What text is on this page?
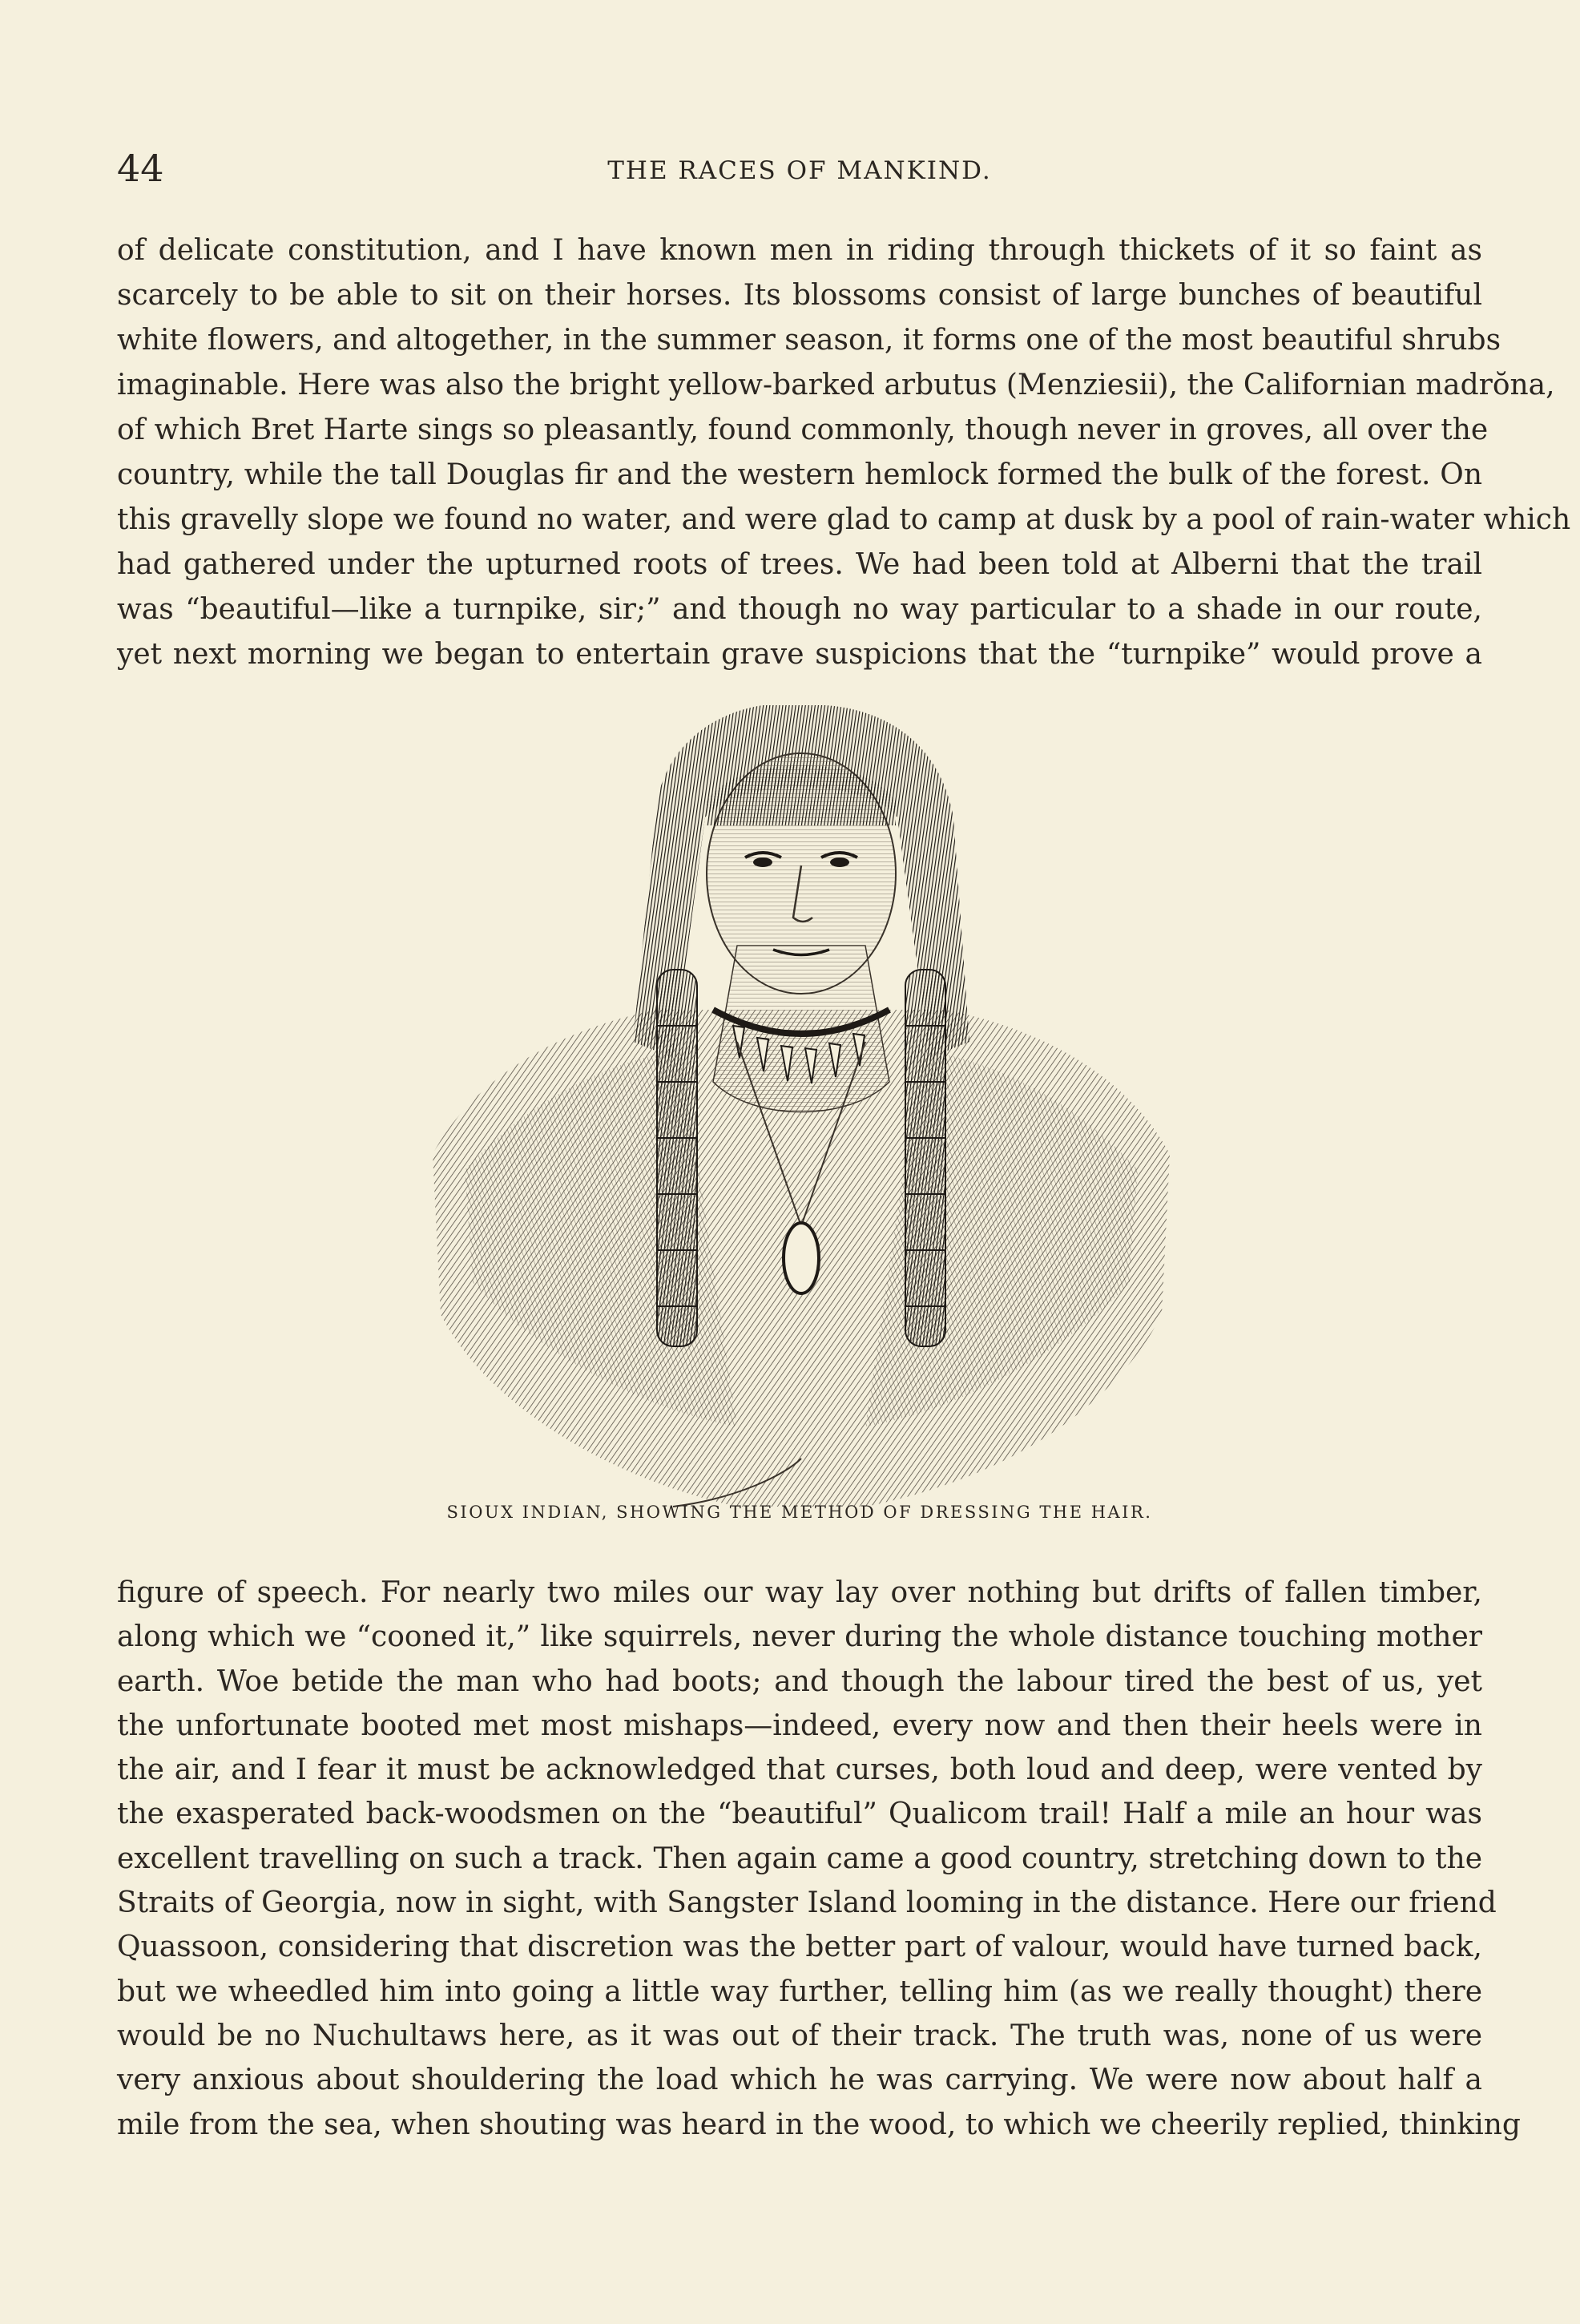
44	THE RACES OF MANKIND.
of delicate constitution, and I have known men in riding through thickets of it so faint as
scarcely to be able to sit on their horses. Its blossoms consist of large bunches of beautiful
white flowers, and altogether, in the summer season, it forms one of the most beautiful shrubs
imaginable. Here was also the bright yellow-barked arbutus (Menziesii), the Californian madrŏna,
of which Bret Harte sings so pleasantly, found commonly, though never in groves, all over the
country, while the tall Douglas fir and the western hemlock formed the bulk of the forest. On
this gravelly slope we found no water, and were glad to camp at dusk by a pool of rain-water which
had gathered under the upturned roots of trees. We had been told at Alberni that the trail
was “beautiful—like a turnpike, sir;” and though no way particular to a shade in our route,
yet next morning we began to entertain grave suspicions that the “turnpike” would prove a
SIOUX INDIAN, SHOWING THE METHOD OF DRESSING THE HAIR.
figure of speech. For nearly two miles our way lay over nothing but drifts of fallen timber,
along which we “cooned it,” like squirrels, never during the whole distance touching mother
earth. Woe betide the man who had boots; and though the labour tired the best of us, yet
the unfortunate booted met most mishaps—indeed, every now and then their heels were in
the air, and I fear it must be acknowledged that curses, both loud and deep, were vented by
the exasperated back-woodsmen on the “beautiful” Qualicom trail! Half a mile an hour was
excellent travelling on such a track. Then again came a good country, stretching down to the
Straits of Georgia, now in sight, with Sangster Island looming in the distance. Here our friend
Quassoon, considering that discretion was the better part of valour, would have turned back,
but we wheedled him into going a little way further, telling him (as we really thought) there
would be no Nuchultaws here, as it was out of their track. The truth was, none of us were
very anxious about shouldering the load which he was carrying. We were now about half a
mile from the sea, when shouting was heard in the wood, to which we cheerily replied, thinking
